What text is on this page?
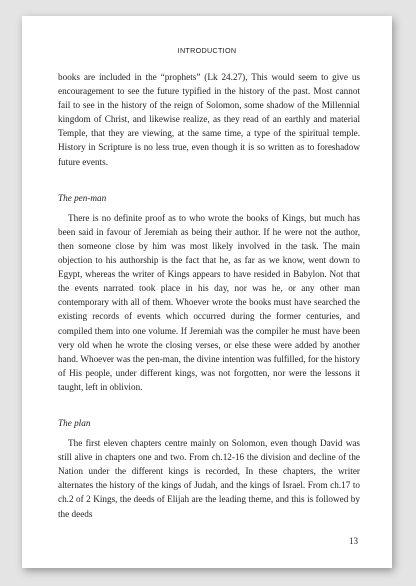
INTRODUCTION

books are included in the “prophets” (Lk 24.27), This would seem to give us encouragement to see the future typified in the history of the past. Most cannot fail to see in the history of the reign of Solomon, some shadow of the Millennial kingdom of Christ, and likewise realize, as they read of an earthly and material Temple, that they are viewing, at the same time, a type of the spiritual temple. History in Scripture is no less true, even though it is so written as to foreshadow future events.

The pen-man

There is no definite proof as to who wrote the books of Kings, but much has been said in favour of Jeremiah as being their author. If he were not the author, then someone close by him was most likely involved in the task. The main objection to his authorship is the fact that he, as far as we know, went down to Egypt, whereas the writer of Kings appears to have resided in Babylon. Not that the events narrated took place in his day, nor was he, or any other man contemporary with all of them. Whoever wrote the books must have searched the existing records of events which occurred during the former centuries, and compiled them into one volume. If Jeremiah was the compiler he must have been very old when he wrote the closing verses, or else these were added by another hand. Whoever was the pen-man, the divine intention was fulfilled, for the history of His people, under different kings, was not forgotten, nor were the lessons it taught, left in oblivion.

The plan

The first eleven chapters centre mainly on Solomon, even though David was still alive in chapters one and two. From ch.12-16 the division and decline of the Nation under the different kings is recorded, In these chapters, the writer alternates the history of the kings of Judah, and the kings of Israel. From ch.17 to ch.2 of 2 Kings, the deeds of Elijah are the leading theme, and this is followed by the deeds

13
